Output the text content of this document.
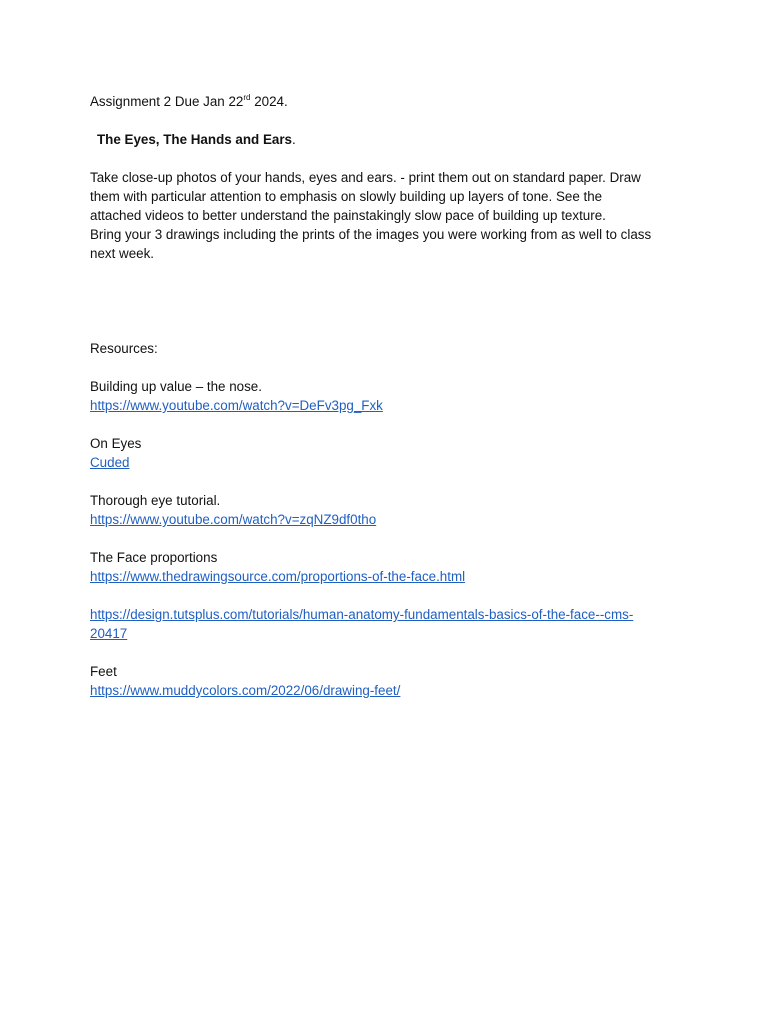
Assignment 2 Due Jan 22rd 2024.
The Eyes, The Hands and Ears.
Take close-up photos of your hands, eyes and ears. - print them out on standard paper. Draw
them with particular attention to emphasis on slowly building up layers of tone. See the
attached videos to better understand the painstakingly slow pace of building up texture.
Bring your 3 drawings including the prints of the images you were working from as well to class
next week.
Resources:
Building up value – the nose.
https://www.youtube.com/watch?v=DeFv3pg_Fxk
On Eyes
Cuded
Thorough eye tutorial.
https://www.youtube.com/watch?v=zqNZ9df0tho
The Face proportions
https://www.thedrawingsource.com/proportions-of-the-face.html
https://design.tutsplus.com/tutorials/human-anatomy-fundamentals-basics-of-the-face--cms-
20417
Feet
https://www.muddycolors.com/2022/06/drawing-feet/
